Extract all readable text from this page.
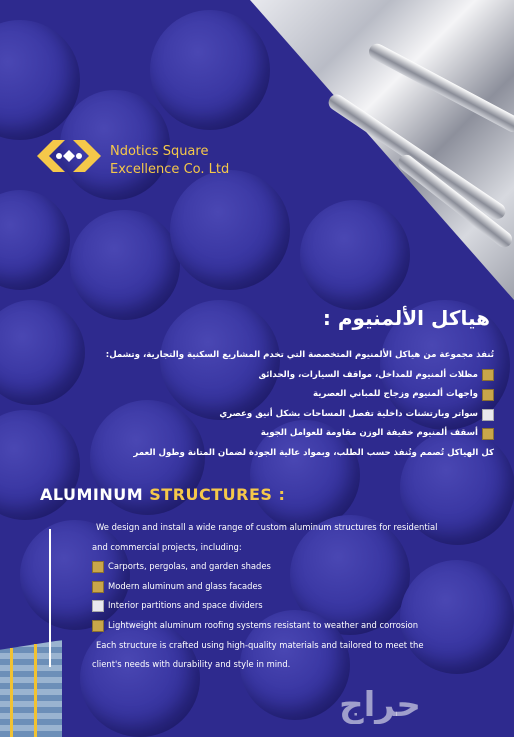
Ndotics Square
Excellence Co. Ltd
هياكل الألمنيوم :
تُنفذ مجموعة من هياكل الألمنيوم المتخصصة التي تخدم المشاريع السكنية والتجارية، وتشمل:
مظلات ألمنيوم للمداخل، مواقف السيارات، والحدائق
واجهات ألمنيوم وزجاج للمباني العصرية
سواتر وبارتشنات داخلية تفصل المساحات بشكل أنيق وعصري
أسقف ألمنيوم خفيفة الوزن مقاومة للعوامل الجوية
كل الهياكل تُصمم وتُنفذ حسب الطلب، وبمواد عالية الجودة لضمان المتانة وطول العمر
ALUMINUM STRUCTURES :
We design and install a wide range of custom aluminum structures for residential
and commercial projects, including:
Carports, pergolas, and garden shades
Modern aluminum and glass facades
Interior partitions and space dividers
Lightweight aluminum roofing systems resistant to weather and corrosion
Each structure is crafted using high-quality materials and tailored to meet the
client's needs with durability and style in mind.
حراج
